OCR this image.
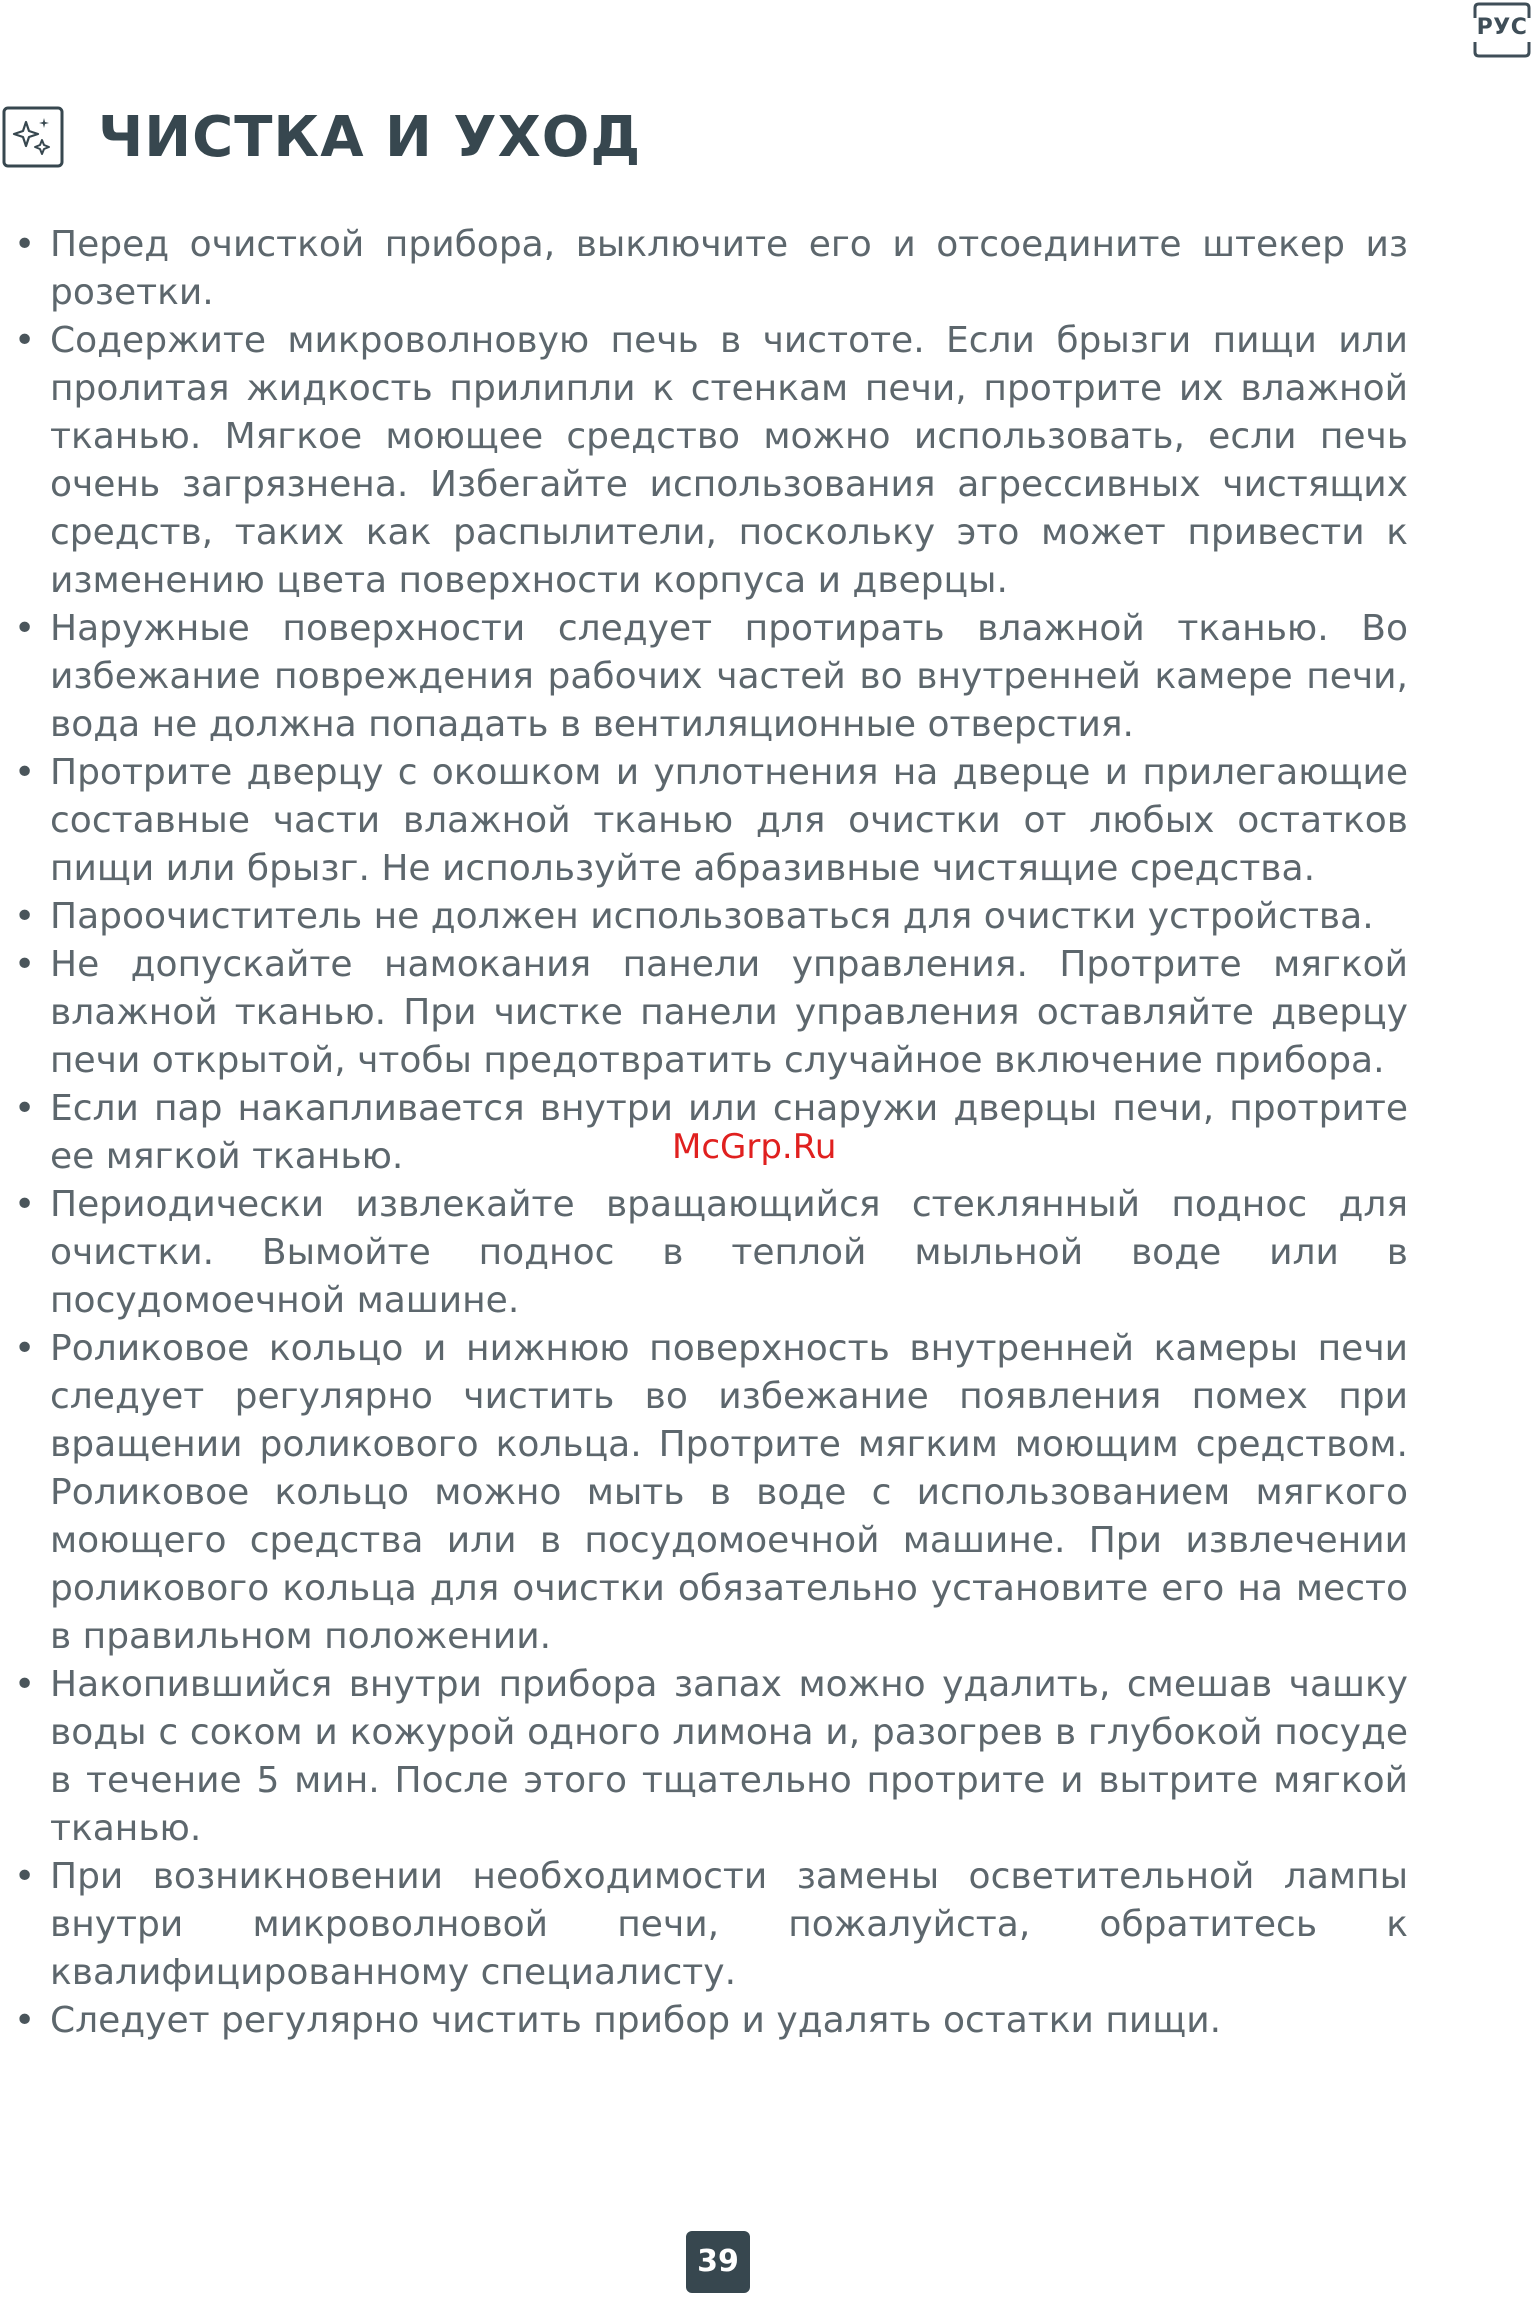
РУС
ЧИСТКА И УХОД
• Перед очисткой прибора, выключите его и отсоедините штекер из розетки.
• Содержите микроволновую печь в чистоте. Если брызги пищи или пролитая жидкость прилипли к стенкам печи, протрите их влажной тканью. Мягкое моющее средство можно использовать, если печь очень загрязнена. Избегайте использования агрессивных чистящих средств, таких как распылители, поскольку это может привести к изменению цвета поверхности корпуса и дверцы.
• Наружные поверхности следует протирать влажной тканью. Во избежание повреждения рабочих частей во внутренней камере печи, вода не должна попадать в вентиляционные отверстия.
• Протрите дверцу с окошком и уплотнения на дверце и прилегающие составные части влажной тканью для очистки от любых остатков пищи или брызг. Не используйте абразивные чистящие средства.
• Пароочиститель не должен использоваться для очистки устройства.
• Не допускайте намокания панели управления. Протрите мягкой влажной тканью. При чистке панели управления оставляйте дверцу печи открытой, чтобы предотвратить случайное включение прибора.
• Если пар накапливается внутри или снаружи дверцы печи, протрите ее мягкой тканью.
• Периодически извлекайте вращающийся стеклянный поднос для очистки. Вымойте поднос в теплой мыльной воде или в посудомоечной машине.
• Роликовое кольцо и нижнюю поверхность внутренней камеры печи следует регулярно чистить во избежание появления помех при вращении роликового кольца. Протрите мягким моющим средством. Роликовое кольцо можно мыть в воде с использованием мягкого моющего средства или в посудомоечной машине. При извлечении роликового кольца для очистки обязательно установите его на место в правильном положении.
• Накопившийся внутри прибора запах можно удалить, смешав чашку воды с соком и кожурой одного лимона и, разогрев в глубокой посуде в течение 5 мин. После этого тщательно протрите и вытрите мягкой тканью.
• При возникновении необходимости замены осветительной лампы внутри микроволновой печи, пожалуйста, обратитесь к квалифицированному специалисту.
• Следует регулярно чистить прибор и удалять остатки пищи.
McGrp.Ru
39
